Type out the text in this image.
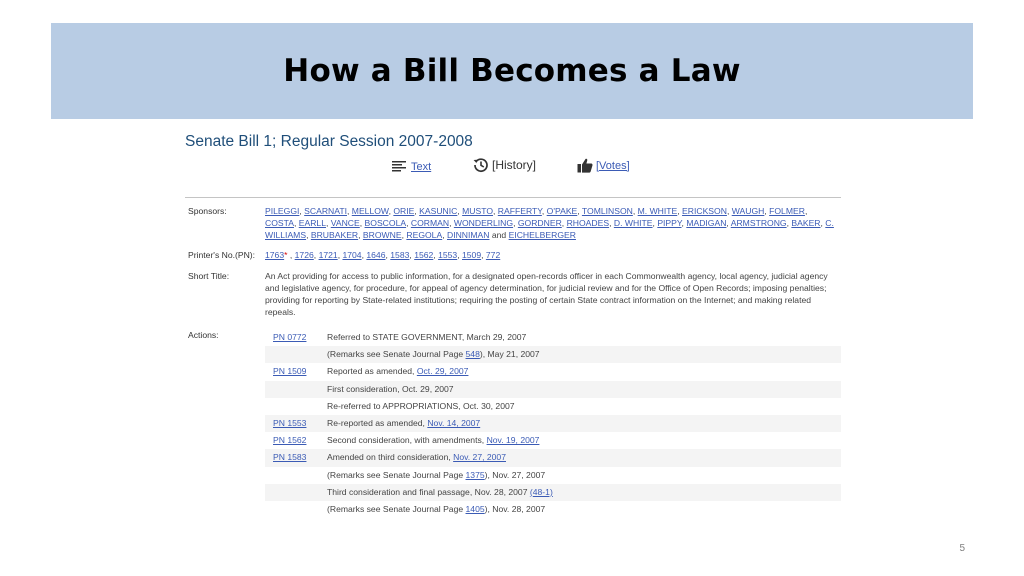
How a Bill Becomes a Law
Senate Bill 1; Regular Session 2007-2008
Text	[History]	[Votes]
Sponsors:	PILEGGI, SCARNATI, MELLOW, ORIE, KASUNIC, MUSTO, RAFFERTY, O'PAKE, TOMLINSON, M. WHITE, ERICKSON, WAUGH, FOLMER, COSTA, EARLL, VANCE, BOSCOLA, CORMAN, WONDERLING, GORDNER, RHOADES, D. WHITE, PIPPY, MADIGAN, ARMSTRONG, BAKER, C. WILLIAMS, BRUBAKER, BROWNE, REGOLA, DINNIMAN and EICHELBERGER
Printer's No.(PN): 1763* , 1726, 1721, 1704, 1646, 1583, 1562, 1553, 1509, 772
Short Title:	An Act providing for access to public information, for a designated open-records officer in each Commonwealth agency, local agency, judicial agency and legislative agency, for procedure, for appeal of agency determination, for judicial review and for the Office of Open Records; imposing penalties; providing for reporting by State-related institutions; requiring the posting of certain State contract information on the Internet; and making related repeals.
Actions:	PN 0772	Referred to STATE GOVERNMENT, March 29, 2007
(Remarks see Senate Journal Page 548), May 21, 2007
PN 1509	Reported as amended, Oct. 29, 2007
First consideration, Oct. 29, 2007
Re-referred to APPROPRIATIONS, Oct. 30, 2007
PN 1553	Re-reported as amended, Nov. 14, 2007
PN 1562	Second consideration, with amendments, Nov. 19, 2007
PN 1583	Amended on third consideration, Nov. 27, 2007
(Remarks see Senate Journal Page 1375), Nov. 27, 2007
Third consideration and final passage, Nov. 28, 2007 (48-1)
(Remarks see Senate Journal Page 1405), Nov. 28, 2007
5
